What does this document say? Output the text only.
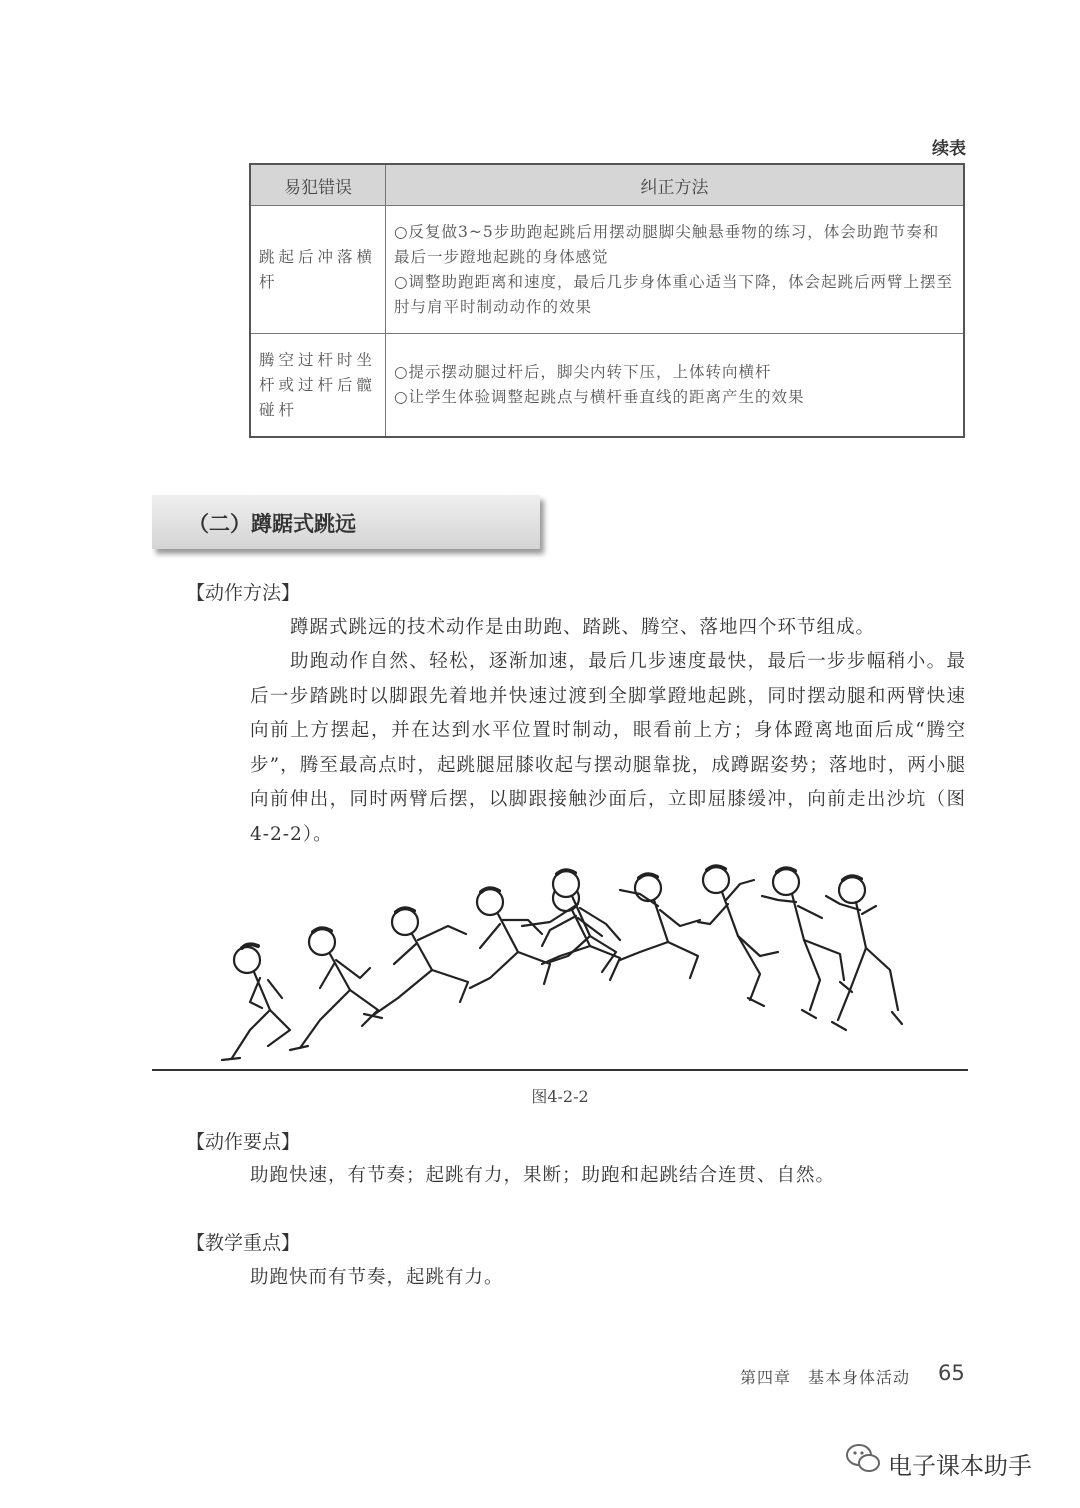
续表
易犯错误	纠正方法
跳起后冲落横杆	○反复做3~5步助跑起跳后用摆动腿脚尖触悬垂物的练习，体会助跑节奏和最后一步蹬地起跳的身体感觉
○调整助跑距离和速度，最后几步身体重心适当下降，体会起跳后两臂上摆至肘与肩平时制动动作的效果

腾空过杆时坐杆或过杆后髋碰杆	○提示摆动腿过杆后，脚尖内转下压，上体转向横杆
○让学生体验调整起跳点与横杆垂直线的距离产生的效果
（二）蹲踞式跳远
【动作方法】
蹲踞式跳远的技术动作是由助跑、踏跳、腾空、落地四个环节组成。
助跑动作自然、轻松，逐渐加速，最后几步速度最快，最后一步步幅稍小。最后一步踏跳时以脚跟先着地并快速过渡到全脚掌蹬地起跳，同时摆动腿和两臂快速向前上方摆起，并在达到水平位置时制动，眼看前上方；身体蹬离地面后成“腾空步”，腾至最高点时，起跳腿屈膝收起与摆动腿靠拢，成蹲踞姿势；落地时，两小腿向前伸出，同时两臂后摆，以脚跟接触沙面后，立即屈膝缓冲，向前走出沙坑（图4-2-2）。
图4-2-2
【动作要点】
助跑快速，有节奏；起跳有力，果断；助跑和起跳结合连贯、自然。
【教学重点】
助跑快而有节奏，起跳有力。
第四章　基本身体活动 65
电子课本助手
